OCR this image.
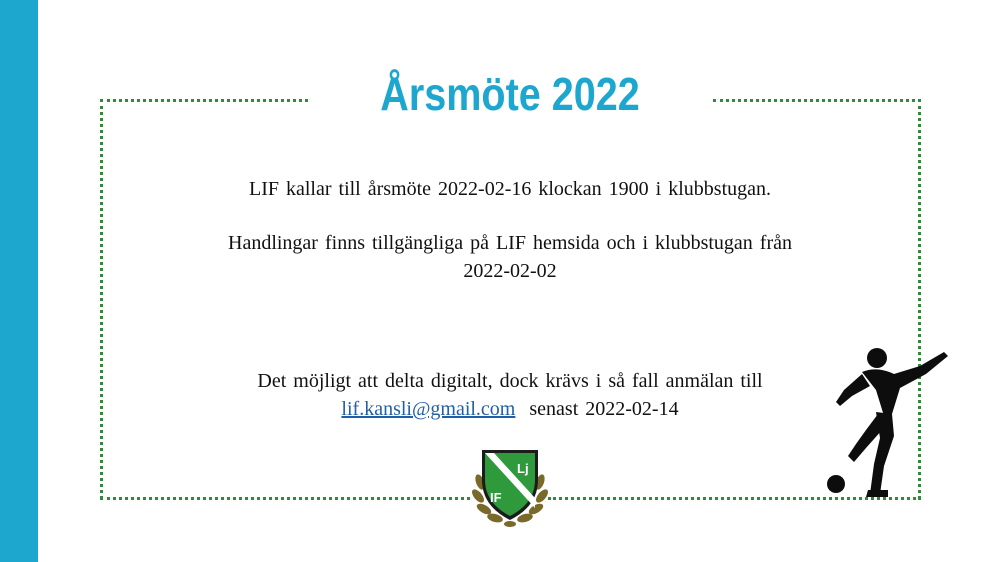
Årsmöte 2022
LIF kallar till årsmöte 2022-02-16 klockan 1900 i klubbstugan.
Handlingar finns tillgängliga på LIF hemsida och i klubbstugan från
2022-02-02
Det möjligt att delta digitalt, dock krävs i så fall anmälan till
lif.kansli@gmail.com senast 2022-02-14
Lj
IF
